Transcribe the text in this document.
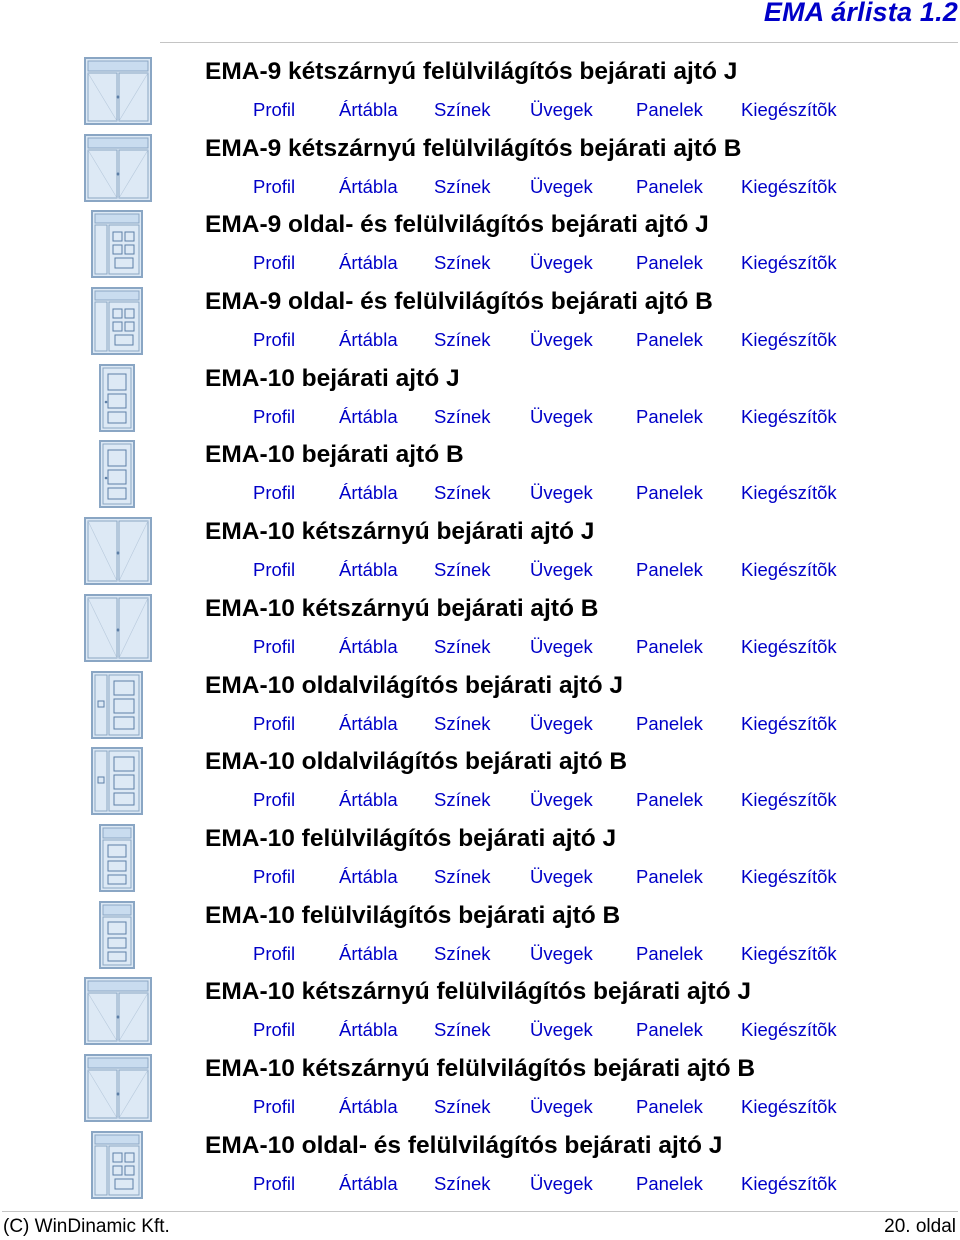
EMA árlista 1.2
EMA-9 kétszárnyú felülvilágítós bejárati ajtó J
Profil Ártábla Színek Üvegek Panelek Kiegészítõk
EMA-9 kétszárnyú felülvilágítós bejárati ajtó B
Profil Ártábla Színek Üvegek Panelek Kiegészítõk
EMA-9 oldal- és felülvilágítós bejárati ajtó J
Profil Ártábla Színek Üvegek Panelek Kiegészítõk
EMA-9 oldal- és felülvilágítós bejárati ajtó B
Profil Ártábla Színek Üvegek Panelek Kiegészítõk
EMA-10 bejárati ajtó J
Profil Ártábla Színek Üvegek Panelek Kiegészítõk
EMA-10 bejárati ajtó B
Profil Ártábla Színek Üvegek Panelek Kiegészítõk
EMA-10 kétszárnyú bejárati ajtó J
Profil Ártábla Színek Üvegek Panelek Kiegészítõk
EMA-10 kétszárnyú bejárati ajtó B
Profil Ártábla Színek Üvegek Panelek Kiegészítõk
EMA-10 oldalvilágítós bejárati ajtó J
Profil Ártábla Színek Üvegek Panelek Kiegészítõk
EMA-10 oldalvilágítós bejárati ajtó B
Profil Ártábla Színek Üvegek Panelek Kiegészítõk
EMA-10 felülvilágítós bejárati ajtó J
Profil Ártábla Színek Üvegek Panelek Kiegészítõk
EMA-10 felülvilágítós bejárati ajtó B
Profil Ártábla Színek Üvegek Panelek Kiegészítõk
EMA-10 kétszárnyú felülvilágítós bejárati ajtó J
Profil Ártábla Színek Üvegek Panelek Kiegészítõk
EMA-10 kétszárnyú felülvilágítós bejárati ajtó B
Profil Ártábla Színek Üvegek Panelek Kiegészítõk
EMA-10 oldal- és felülvilágítós bejárati ajtó J
Profil Ártábla Színek Üvegek Panelek Kiegészítõk
(C) WinDinamic Kft.	20. oldal
